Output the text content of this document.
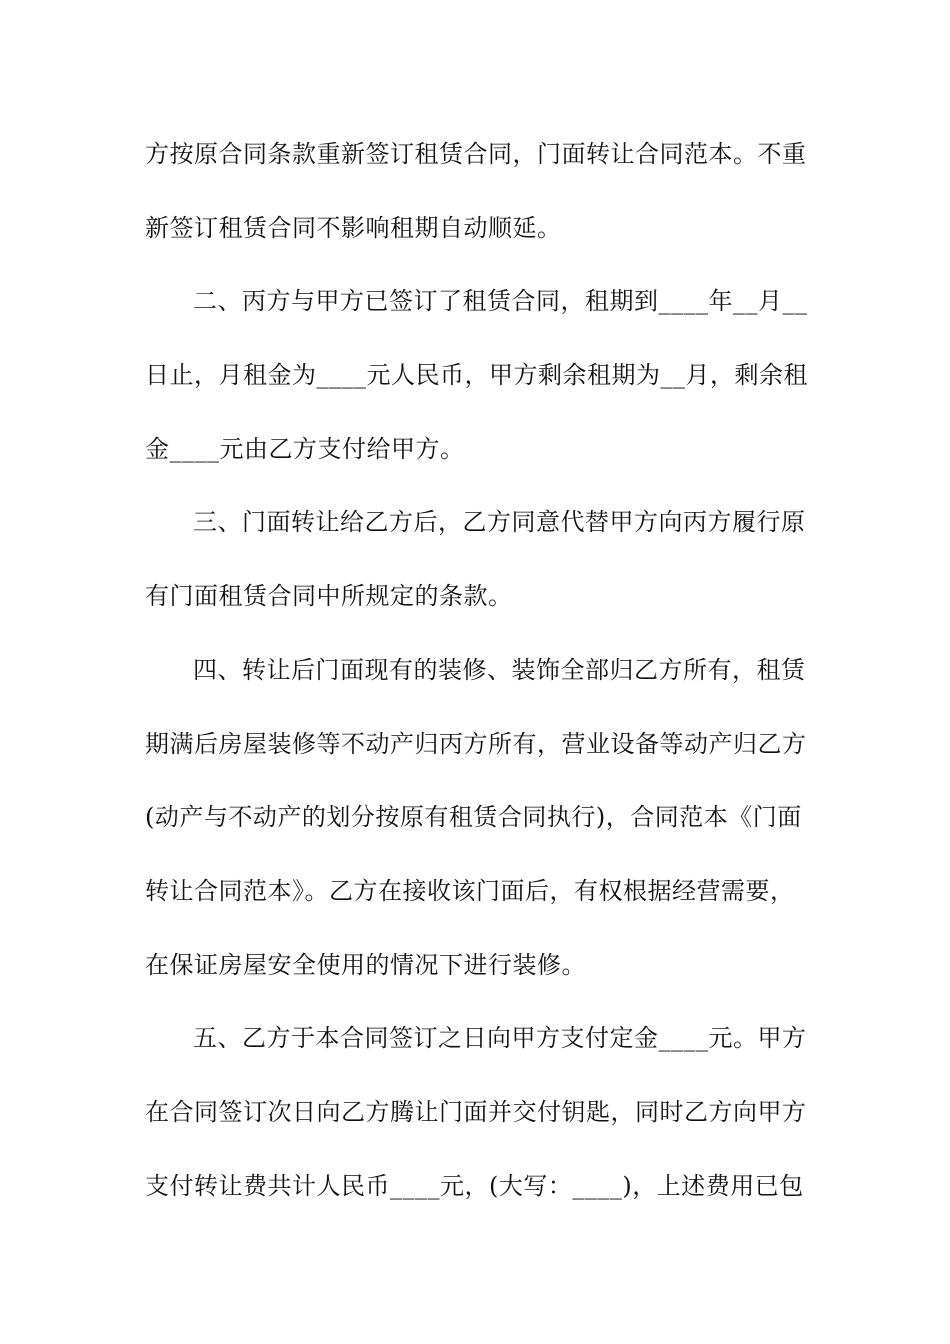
方按原合同条款重新签订租赁合同，门面转让合同范本。不重
新签订租赁合同不影响租期自动顺延。
二、丙方与甲方已签订了租赁合同，租期到____年__月__
日止，月租金为____元人民币，甲方剩余租期为__月，剩余租
金____元由乙方支付给甲方。
三、门面转让给乙方后，乙方同意代替甲方向丙方履行原
有门面租赁合同中所规定的条款。
四、转让后门面现有的装修、装饰全部归乙方所有，租赁
期满后房屋装修等不动产归丙方所有，营业设备等动产归乙方
(动产与不动产的划分按原有租赁合同执行)，合同范本《门面
转让合同范本》。乙方在接收该门面后，有权根据经营需要，
在保证房屋安全使用的情况下进行装修。
五、乙方于本合同签订之日向甲方支付定金____元。甲方
在合同签订次日向乙方腾让门面并交付钥匙，同时乙方向甲方
支付转让费共计人民币____元，(大写：____)，上述费用已包
